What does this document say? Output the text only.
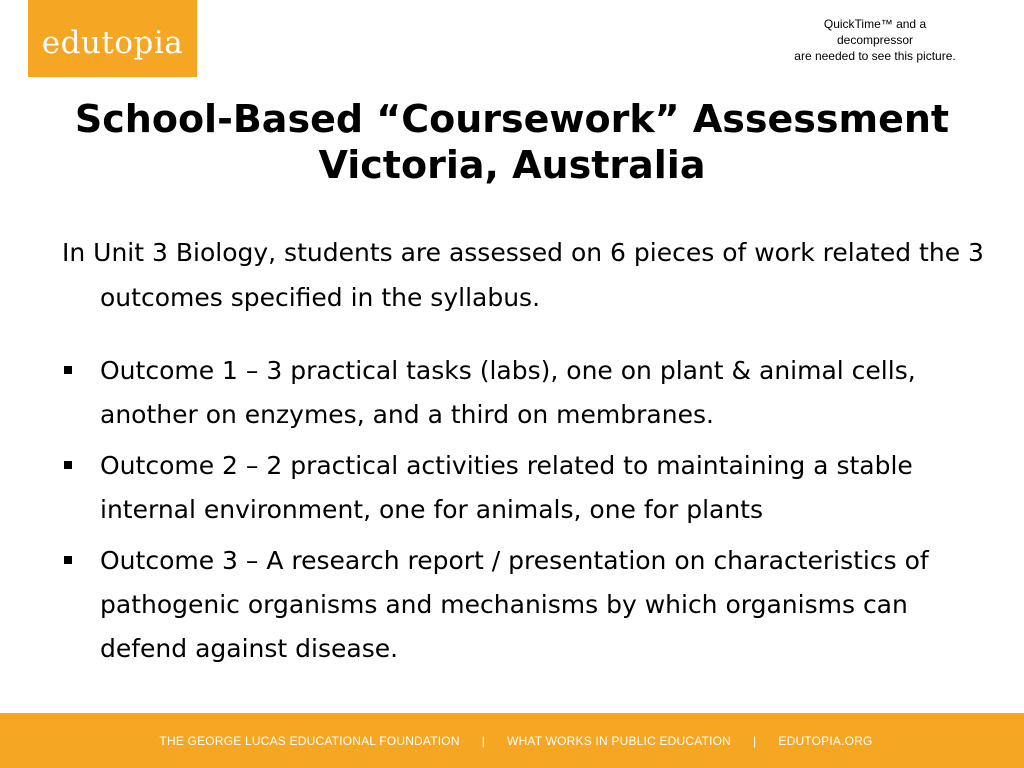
edutopia
QuickTime™ and a
decompressor
are needed to see this picture.
School-Based “Coursework” Assessment
Victoria, Australia

In Unit 3 Biology, students are assessed on 6 pieces of work related the 3 outcomes specified in the syllabus.

Outcome 1 – 3 practical tasks (labs), one on plant & animal cells, another on enzymes, and a third on membranes.
Outcome 2 – 2 practical activities related to maintaining a stable internal environment, one for animals, one for plants
Outcome 3 – A research report / presentation on characteristics of pathogenic organisms and mechanisms by which organisms can defend against disease.
THE GEORGE LUCAS EDUCATIONAL FOUNDATION | WHAT WORKS IN PUBLIC EDUCATION | EDUTOPIA.ORG
